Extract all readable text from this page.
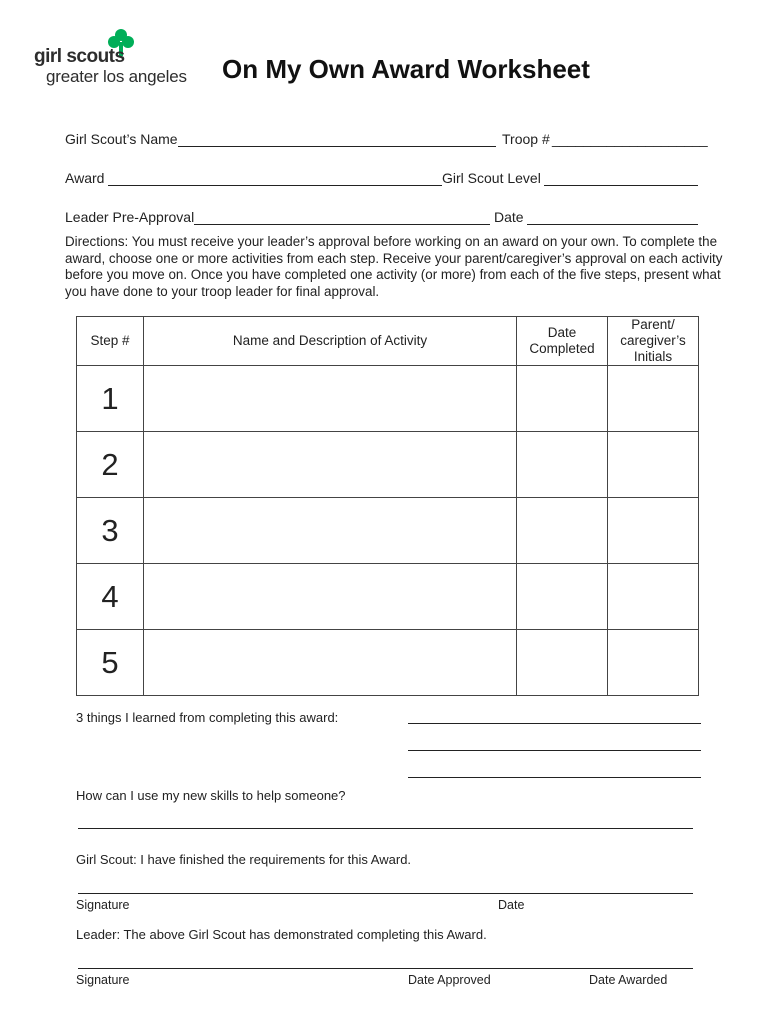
girl scouts
greater los angeles On My Own Award Worksheet
Girl Scout’s Name	Troop # ____________________
Award	Girl Scout Level
Leader Pre-Approval	Date
Directions: You must receive your leader’s approval before working on an award on your own. To complete the award, choose one or more activities from each step. Receive your parent/caregiver’s approval on each activity before you move on. Once you have completed one activity (or more) from each of the five steps, present what you have done to your troop leader for final approval.
Step #	Name and Description of Activity	Date Completed	Parent/ caregiver’s Initials
1			
2			
3			
4			
5			
3 things I learned from completing this award:
How can I use my new skills to help someone?
Girl Scout: I have finished the requirements for this Award.
Signature	Date
Leader: The above Girl Scout has demonstrated completing this Award.
Signature	Date Approved	Date Awarded
